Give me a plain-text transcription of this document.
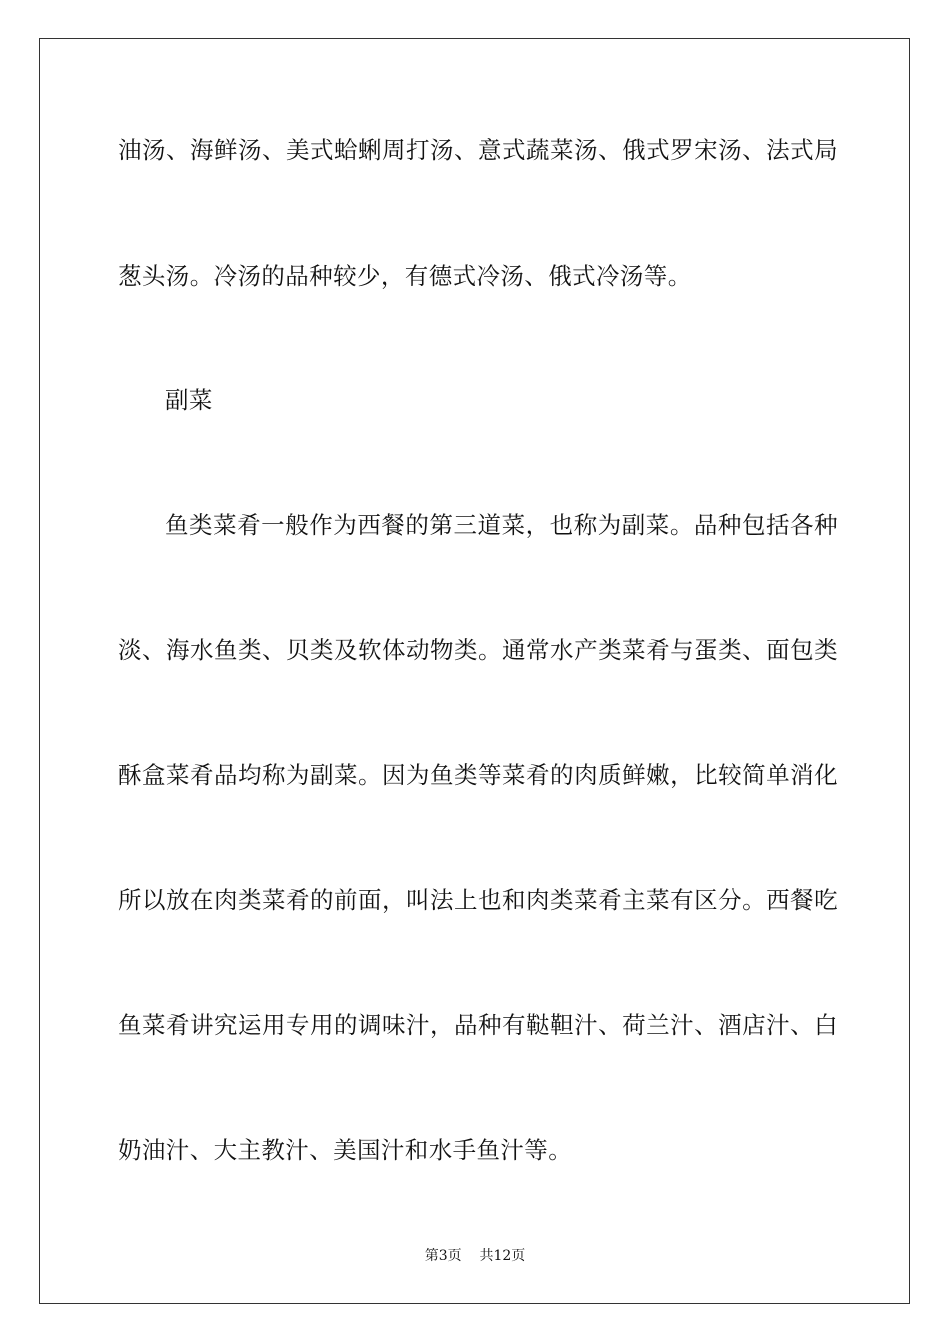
油汤、海鲜汤、美式蛤蜊周打汤、意式蔬菜汤、俄式罗宋汤、法式局
葱头汤。冷汤的品种较少，有德式冷汤、俄式冷汤等。
副菜
鱼类菜肴一般作为西餐的第三道菜，也称为副菜。品种包括各种
淡、海水鱼类、贝类及软体动物类。通常水产类菜肴与蛋类、面包类
酥盒菜肴品均称为副菜。因为鱼类等菜肴的肉质鲜嫩，比较简单消化
所以放在肉类菜肴的前面，叫法上也和肉类菜肴主菜有区分。西餐吃
鱼菜肴讲究运用专用的调味汁，品种有鞑靼汁、荷兰汁、酒店汁、白
奶油汁、大主教汁、美国汁和水手鱼汁等。
第3页    共12页
